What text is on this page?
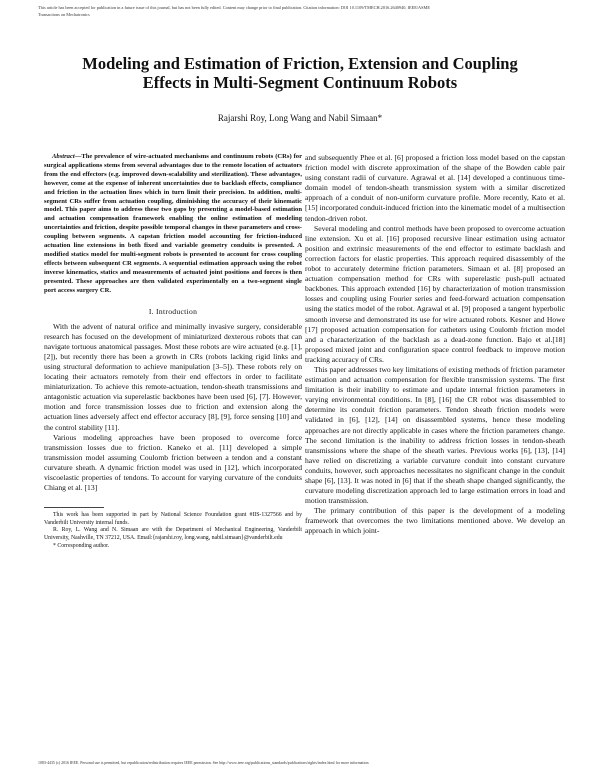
This article has been accepted for publication in a future issue of this journal, but has not been fully edited. Content may change prior to final publication. Citation information: DOI 10.1109/TMECH.2016.2640940, IEEE/ASME
Transactions on Mechatronics
Modeling and Estimation of Friction, Extension and Coupling Effects in Multi-Segment Continuum Robots
Rajarshi Roy, Long Wang and Nabil Simaan*

Abstract—The prevalence of wire-actuated mechanisms and continuum robots (CRs) for surgical applications stems from several advantages due to the remote location of actuators from the end effectors (e.g. improved down-scalability and sterilization). These advantages, however, come at the expense of inherent uncertainties due to backlash effects, compliance and friction in the actuation lines which in turn limit their precision. In addition, multi-segment CRs suffer from actuation coupling, diminishing the accuracy of their kinematic model. This paper aims to address these two gaps by presenting a model-based estimation and actuation compensation framework enabling the online estimation of modeling uncertainties and friction, despite possible temporal changes in these parameters and cross-coupling between segments. A capstan friction model accounting for friction-induced actuation line extensions in both fixed and variable geometry conduits is presented. A modified statics model for multi-segment robots is presented to account for cross coupling effects between subsequent CR segments. A sequential estimation approach using the robot inverse kinematics, statics and measurements of actuated joint positions and forces is then presented. These approaches are then validated experimentally on a two-segment single port access surgery CR.

I. Introduction

With the advent of natural orifice and minimally invasive surgery, considerable research has focused on the development of miniaturized dexterous robots that can navigate tortuous anatomical passages. Most these robots are wire actuated (e.g. [1], [2]), but recently there has been a growth in CRs (robots lacking rigid links and using structural deformation to achieve manipulation [3–5]). These robots rely on locating their actuators remotely from their end effectors in order to facilitate miniaturization. To achieve this remote-actuation, tendon-sheath transmissions and antagonistic actuation via superelastic backbones have been used [6], [7]. However, motion and force transmission losses due to friction and extension along the actuation lines adversely affect end effector accuracy [8], [9], force sensing [10] and the control stability [11].

Various modeling approaches have been proposed to overcome force transmission losses due to friction. Kaneko et al. [11] developed a simple transmission model assuming Coulomb friction between a tendon and a constant curvature sheath. A dynamic friction model was used in [12], which incorporated viscoelastic properties of tendons. To account for varying curvature of the conduits Chiang et al. [13]

This work has been supported in part by National Science Foundation grant #IIS-1327566 and by Vanderbilt University internal funds.

R. Roy, L. Wang and N. Simaan are with the Department of Mechanical Engineering, Vanderbilt University, Nashville, TN 37212, USA. Email:{rajarshi.roy, long.wang, nabil.simaan}@vanderbilt.edu

* Corresponding author.

and subsequently Phee et al. [6] proposed a friction loss model based on the capstan friction model with discrete approximation of the shape of the Bowden cable pair using constant radii of curvature. Agrawal et al. [14] developed a continuous time-domain model of tendon-sheath transmission system with a similar discretized approach of a conduit of non-uniform curvature profile. More recently, Kato et al. [15] incorporated conduit-induced friction into the kinematic model of a multisection tendon-driven robot.

Several modeling and control methods have been proposed to overcome actuation line extension. Xu et al. [16] proposed recursive linear estimation using actuator position and extrinsic measurements of the end effector to estimate backlash and correction factors for elastic properties. This approach required disassembly of the robot to accurately determine friction parameters. Simaan et al. [8] proposed an actuation compensation method for CRs with superelastic push-pull actuated backbones. This approach extended [16] by characterization of motion transmission losses and coupling using Fourier series and feed-forward actuation compensation using the statics model of the robot. Agrawal et al. [9] proposed a tangent hyperbolic smooth inverse and demonstrated its use for wire actuated robots. Kesner and Howe [17] proposed actuation compensation for catheters using Coulomb friction model and a characterization of the backlash as a dead-zone function. Bajo et al.[18] proposed mixed joint and configuration space control feedback to improve motion tracking accuracy of CRs.

This paper addresses two key limitations of existing methods of friction parameter estimation and actuation compensation for flexible transmission systems. The first limitation is their inability to estimate and update internal friction parameters in varying environmental conditions. In [8], [16] the CR robot was disassembled to determine its conduit friction parameters. Tendon sheath friction models were validated in [6], [12], [14] on disassembled systems, hence these modeling approaches are not directly applicable in cases where the friction parameters change. The second limitation is the inability to address friction losses in tendon-sheath transmissions where the shape of the sheath varies. Previous works [6], [13], [14] have relied on discretizing a variable curvature conduit into constant curvature conduits, however, such approaches necessitates no significant change in the conduit shape [6], [13]. It was noted in [6] that if the sheath shape changed significantly, the curvature modeling discretization approach led to large estimation errors in load and motion transmission.

The primary contribution of this paper is the development of a modeling framework that overcomes the two limitations mentioned above. We develop an approach in which joint-

1083-4435 (c) 2016 IEEE. Personal use is permitted, but republication/redistribution requires IEEE permission. See http://www.ieee.org/publications_standards/publications/rights/index.html for more information.
